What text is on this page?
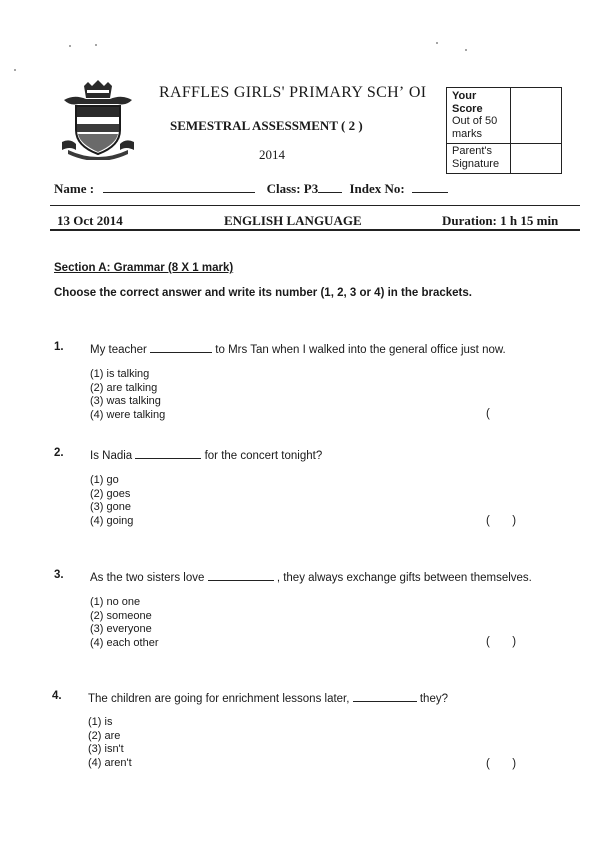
RAFFLES GIRLS' PRIMARY SCHʼ OI
SEMESTRAL ASSESSMENT ( 2 )
2014
Your
Score
Out of 50
marks
Parent's
Signature
Name :	Class: P3 Index No:
13 Oct 2014	ENGLISH LANGUAGE	Duration: 1 h 15 min
Section A: Grammar (8 X 1 mark)
Choose the correct answer and write its number (1, 2, 3 or 4) in the brackets.
1. My teacher	to Mrs Tan when I walked into the general office just now.
(1) is talking
(2) are talking
(3) was talking
(4) were talking	(
2. Is Nadia	for the concert tonight?
(1) go
(2) goes
(3) gone
(4) going	(       )
3. As the two sisters love	, they always exchange gifts between themselves.
(1) no one
(2) someone
(3) everyone
(4) each other	(       )
4. The children are going for enrichment lessons later,	they?
(1) is
(2) are
(3) isn't
(4) aren't	(       )
